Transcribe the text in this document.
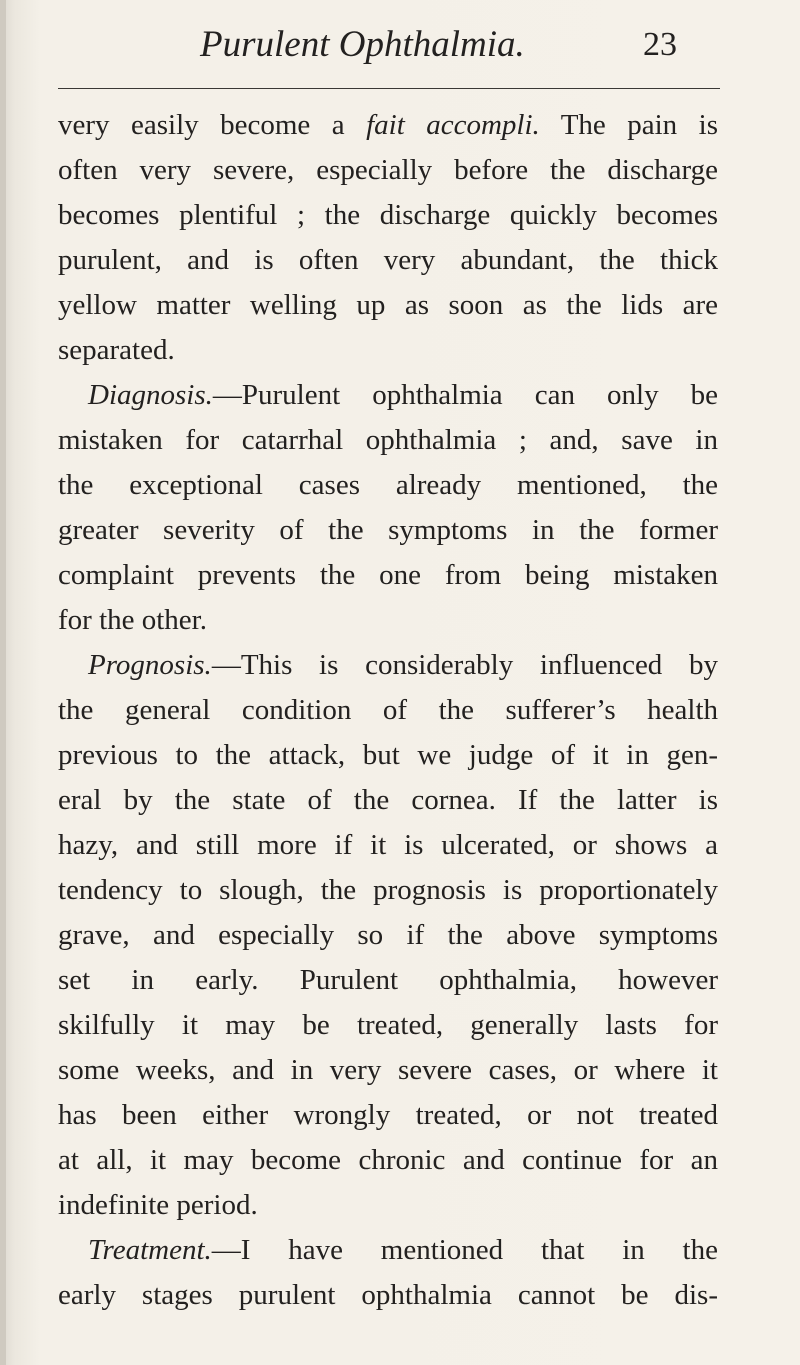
Purulent Ophthalmia.	23
very easily become a fait accompli. The pain is
often very severe, especially before the discharge
becomes plentiful ; the discharge quickly becomes
purulent, and is often very abundant, the thick
yellow matter welling up as soon as the lids are
separated.
Diagnosis.—Purulent ophthalmia can only be
mistaken for catarrhal ophthalmia ; and, save in
the exceptional cases already mentioned, the
greater severity of the symptoms in the former
complaint prevents the one from being mistaken
for the other.
Prognosis.—This is considerably influenced by
the general condition of the sufferer’s health
previous to the attack, but we judge of it in gen-
eral by the state of the cornea. If the latter is
hazy, and still more if it is ulcerated, or shows a
tendency to slough, the prognosis is proportionately
grave, and especially so if the above symptoms
set in early. Purulent ophthalmia, however
skilfully it may be treated, generally lasts for
some weeks, and in very severe cases, or where it
has been either wrongly treated, or not treated
at all, it may become chronic and continue for an
indefinite period.
Treatment.—I have mentioned that in the
early stages purulent ophthalmia cannot be dis-
